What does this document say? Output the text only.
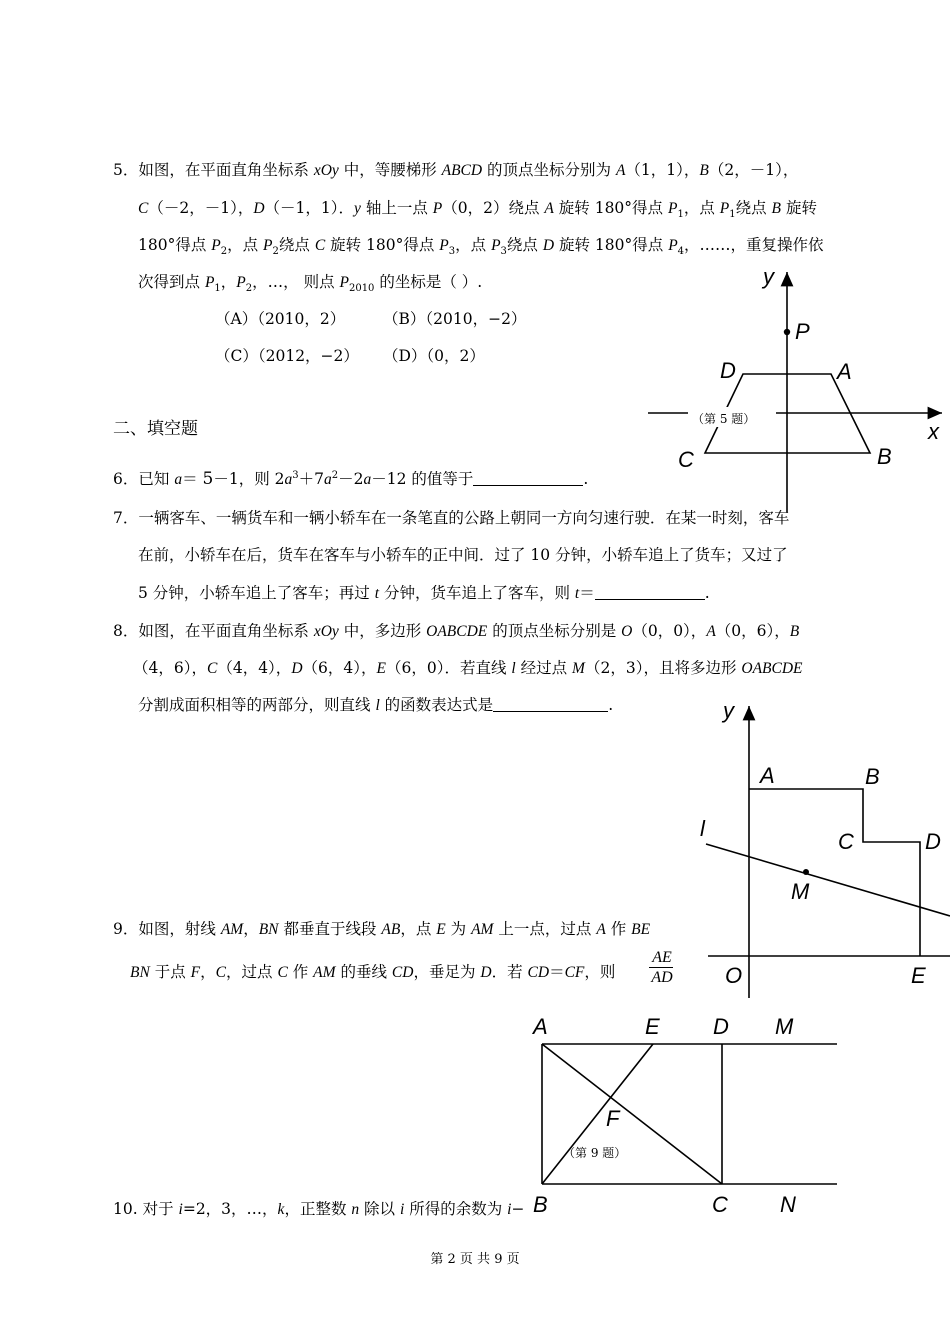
5．如图，在平面直角坐标系 xOy 中，等腰梯形 ABCD 的顶点坐标分别为 A（1，1），B（2，－1），
C（－2，－1），D（－1，1）．y 轴上一点 P（0，2）绕点 A 旋转 180°得点 $P_1$，点 $P_1$绕点 B 旋转
180°得点 $P_2$，点 $P_2$绕点 C 旋转 180°得点 $P_3$，点 $P_3$绕点 D 旋转 180°得点 $P_4$，……，重复操作依
次得到点 $P_1$，$P_2$，…， 则点 $P_{2010}$ 的坐标是（ ）.
（A）（2010，2） （B）（2010，−2）
（C）（2012，−2） （D）（0，2）
（第 5 题）
y
P
D	A
C	B
x
二、填空题
6．已知 a＝ 5－1，则 $2a^3+7a^2-2a-12$ 的值等于	.
7．一辆客车、一辆货车和一辆小轿车在一条笔直的公路上朝同一方向匀速行驶．在某一时刻，客车
在前，小轿车在后，货车在客车与小轿车的正中间．过了 10 分钟，小轿车追上了货车；又过了
5 分钟，小轿车追上了客车；再过 t 分钟，货车追上了客车，则 t＝	.
8．如图，在平面直角坐标系 xOy 中，多边形 OABCDE 的顶点坐标分别是 O（0，0），A（0，6），B
（4，6），C（4，4），D（6，4），E（6，0）．若直线 l 经过点 M（2，3），且将多边形 OABCDE
分割成面积相等的两部分，则直线 l 的函数表达式是	.	y
A	B
C	D
l
M
O	E
9．如图，射线 AM，BN 都垂直于线段 AB，点 E 为 AM 上一点，过点 A 作 BE
BN 于点 F，C，过点 C 作 AM 的垂线 CD，垂足为 D．若 CD＝CF，则 $\frac{AE}{AD}$
A	E D M
F
（第 9 题）
B	C N
10. 对于 i=2，3，…，k，正整数 n 除以 i 所得的余数为 i−
第 2 页 共 9 页
